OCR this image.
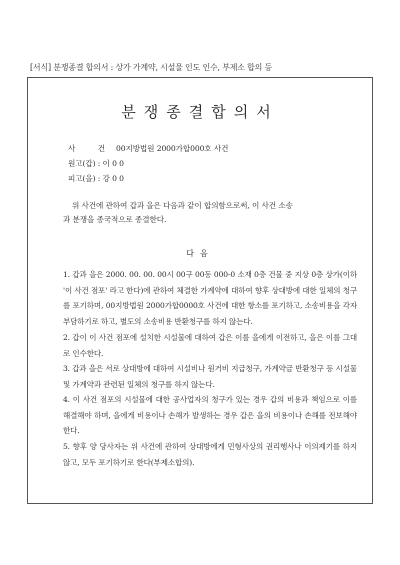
[서식] 분쟁종결 합의서 : 상가 가계약, 시설물 인도 인수, 부제소 합의 등
분쟁종결합의서
사 건 00지방법원 2000가합000호 사건
원고(갑) : 이 0 0
피고(을) : 강 0 0
위 사건에 관하여 갑과 을은 다음과 같이 합의함으로써, 이 사건 소송
과 분쟁을 종국적으로 종결한다.
다음
1. 갑과 을은 2000. 00. 00. 00시 00구 00동 000-0 소재 0층 건물 중 지상 0층 상가(이하 '이 사건 점포' 라고 한다)에 관하여 체결한 가계약에 대하여 향후 상대방에 대한 일체의 청구를 포기하며, 00지방법원 2000가합0000호 사건에 대한 항소를 포기하고, 소송비용을 각자 부담하기로 하고, 별도의 소송비용 반환청구를 하지 않는다.
2. 갑이 이 사건 점포에 설치한 시설물에 대하여 갑은 이를 을에게 이전하고, 을은 이를 그대로 인수한다.
3. 갑과 을은 서로 상대방에 대하여 시설비나 원거비 지급청구, 가계약금 반환청구 등 시설물 및 가계약과 관련된 일체의 청구를 하지 않는다.
4. 이 사건 점포의 시설물에 대한 공사업자의 청구가 있는 경우 갑의 비용과 책임으로 이를 해결해야 하며, 을에게 비용이나 손해가 발생하는 경우 갑은 을의 비용이나 손해를 전보해야 한다.
5. 향후 양 당사자는 위 사건에 관하여 상대방에게 민형사상의 권리행사나 이의제기를 하지 않고, 모두 포기하기로 한다(부제소합의).
